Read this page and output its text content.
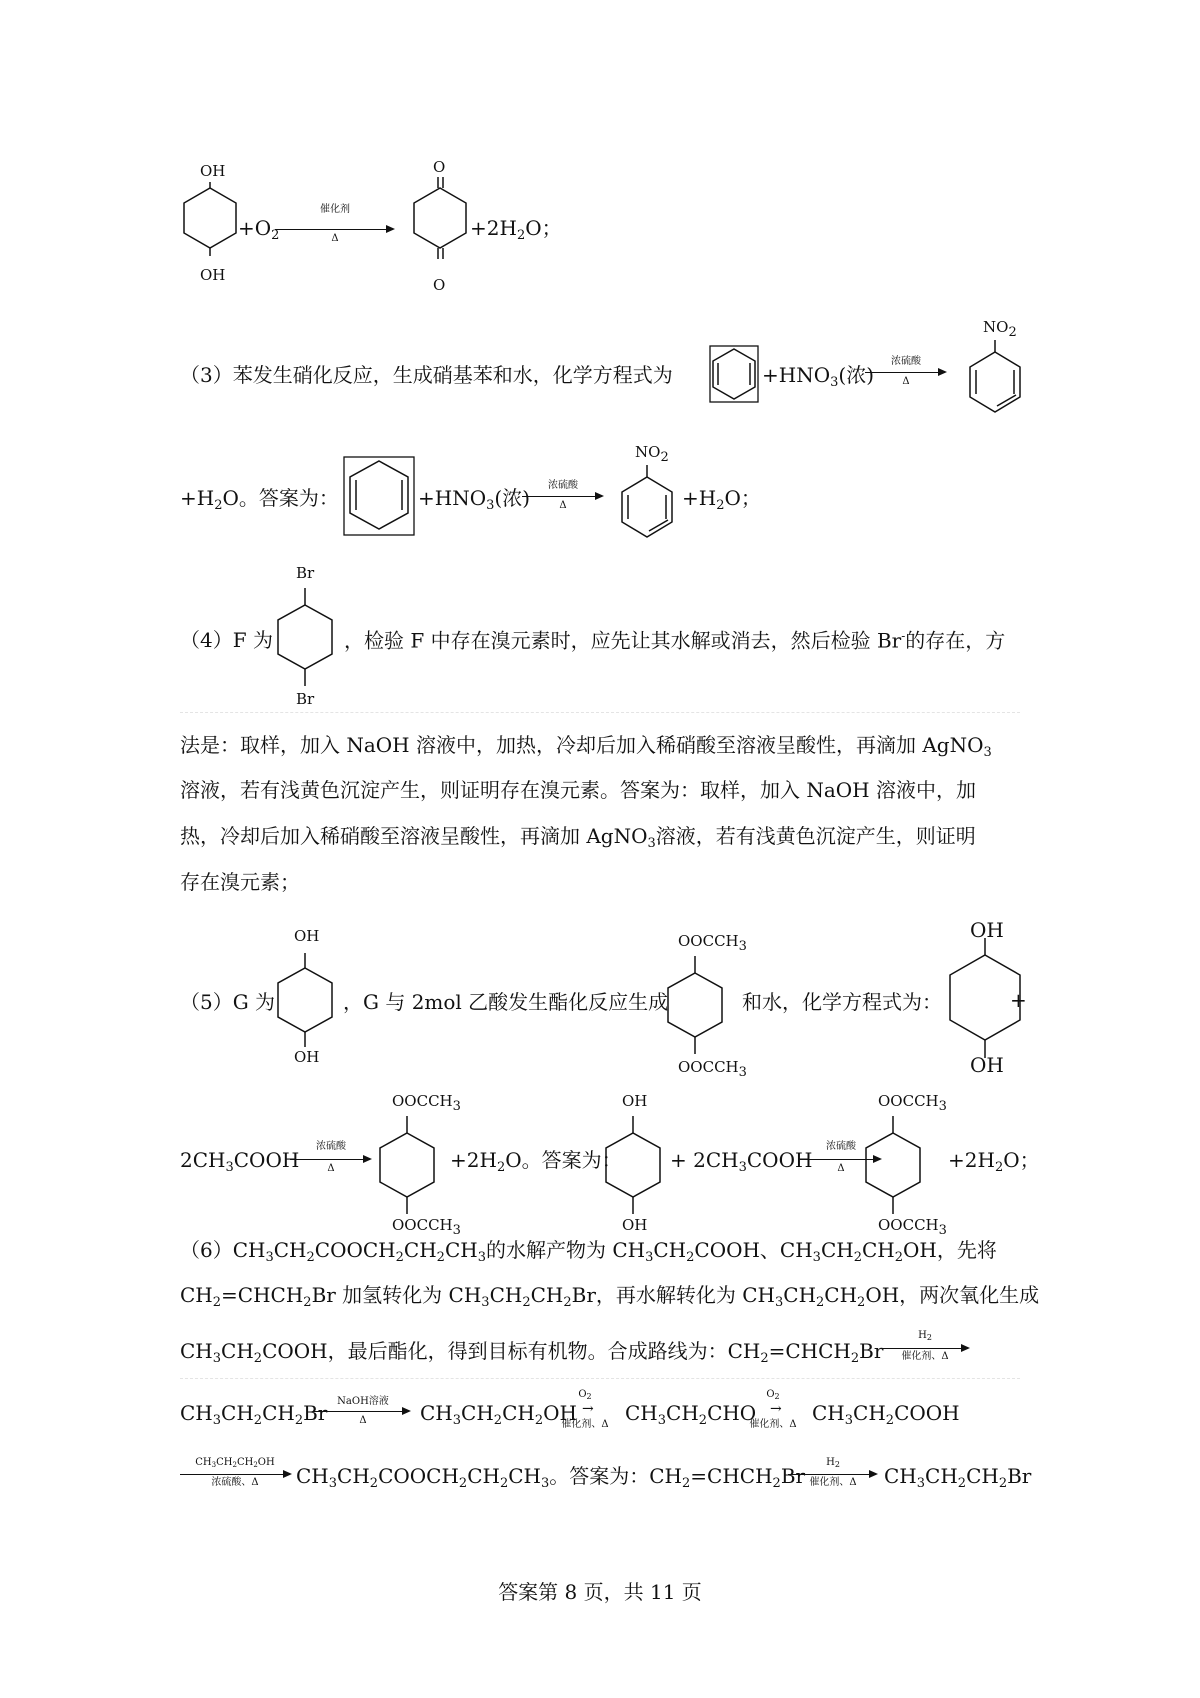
OH
OH
$+O_2$
催化剂
Δ
O
O
$+2H_2O$；
（3）苯发生硝化反应，生成硝基苯和水，化学方程式为	$+HNO_3$(浓)
浓硫酸
Δ
$NO_2$
$+H_2O$。答案为：	$+HNO_3$(浓)
浓硫酸
Δ
$NO_2$
$+H_2O$；
（4）F 为
Br
Br
，检验 F 中存在溴元素时，应先让其水解或消去，然后检验 Br-的存在，方
法是：取样，加入 NaOH 溶液中，加热，冷却后加入稀硝酸至溶液呈酸性，再滴加 AgNO$_3$
溶液，若有浅黄色沉淀产生，则证明存在溴元素。答案为：取样，加入 NaOH 溶液中，加
热，冷却后加入稀硝酸至溶液呈酸性，再滴加 AgNO$_3$溶液，若有浅黄色沉淀产生，则证明
存在溴元素；
（5）G 为
OH
OH
，G 与 2mol 乙酸发生酯化反应生成
$OOCCH_3$
$OOCCH_3$
和水，化学方程式为：
OH
OH
+
$2CH_3COOH$
浓硫酸
Δ
$OOCCH_3$
$OOCCH_3$
$+2H_2O$。答案为：
OH
OH
+ $2CH_3COOH$
浓硫酸
Δ
$OOCCH_3$
$OOCCH_3$
$+2H_2O$；
$(6)CH_3CH_2COOCH_2CH_2CH_3$的水解产物为 $CH_3CH_2COOH$、$CH_3CH_2CH_2OH$，先将
$CH_2=CHCH_2Br$ 加氢转化为 $CH_3CH_2CH_2Br$，再水解转化为 $CH_3CH_2CH_2OH$，两次氧化生成
$CH_3CH_2COOH$，最后酯化，得到目标有机物。合成路线为：$CH_2=CHCH_2Br$
$H_2$
催化剂、Δ
$CH_3CH_2CH_2Br$ NaOH溶液
Δ	$CH_3CH_2CH_2OH$
$O_2$
→
催化剂、Δ $CH_3CH_2CHO$
$O_2$
→
催化剂、Δ $CH_3CH_2COOH$
$CH_3CH_2CH_2OH$
浓硫酸、Δ	$CH_3CH_2COOCH_2CH_2CH_3$。答案为：$CH_2=CHCH_2Br$
$H_2$
催化剂、Δ	$CH_3CH_2CH_2Br$
答案第 8 页，共 11 页
